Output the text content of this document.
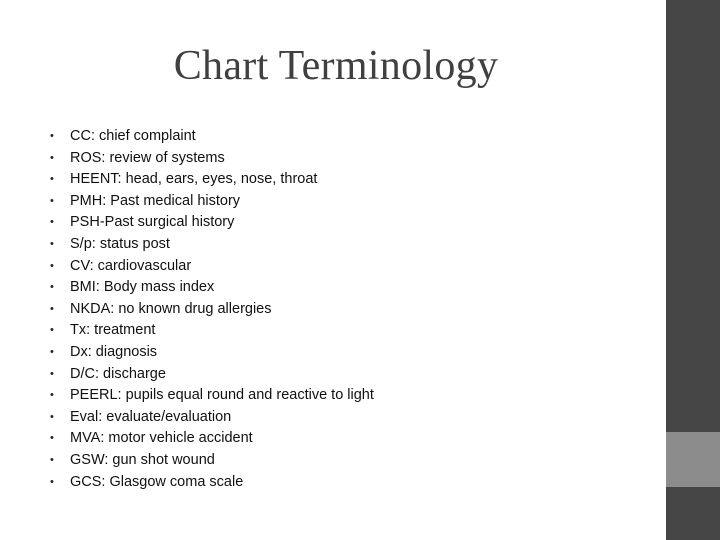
Chart Terminology
• CC: chief complaint
• ROS: review of systems
• HEENT: head, ears, eyes, nose, throat
• PMH: Past medical history
• PSH-Past surgical history
• S/p: status post
• CV: cardiovascular
• BMI: Body mass index
• NKDA: no known drug allergies
• Tx: treatment
• Dx: diagnosis
• D/C: discharge
• PEERL: pupils equal round and reactive to light
• Eval: evaluate/evaluation
• MVA: motor vehicle accident
• GSW: gun shot wound
• GCS: Glasgow coma scale
